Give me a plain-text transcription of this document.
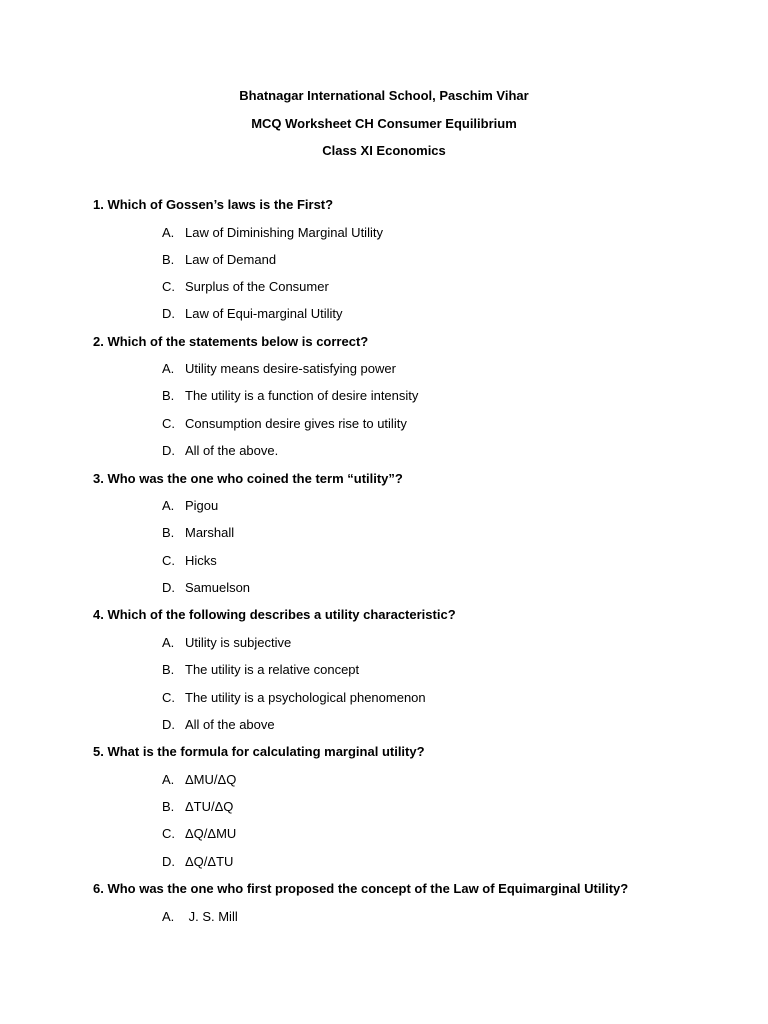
Bhatnagar International School, Paschim Vihar
MCQ Worksheet CH Consumer Equilibrium
Class XI Economics
1. Which of Gossen’s laws is the First?
A. Law of Diminishing Marginal Utility
B. Law of Demand
C. Surplus of the Consumer
D. Law of Equi-marginal Utility
2. Which of the statements below is correct?
A. Utility means desire-satisfying power
B. The utility is a function of desire intensity
C. Consumption desire gives rise to utility
D. All of the above.
3. Who was the one who coined the term “utility”?
A. Pigou
B. Marshall
C. Hicks
D. Samuelson
4. Which of the following describes a utility characteristic?
A. Utility is subjective
B. The utility is a relative concept
C. The utility is a psychological phenomenon
D. All of the above
5. What is the formula for calculating marginal utility?
A. ΔMU/ΔQ
B. ΔTU/ΔQ
C. ΔQ/ΔMU
D. ΔQ/ΔTU
6. Who was the one who first proposed the concept of the Law of Equimarginal Utility?
A. J. S. Mill
